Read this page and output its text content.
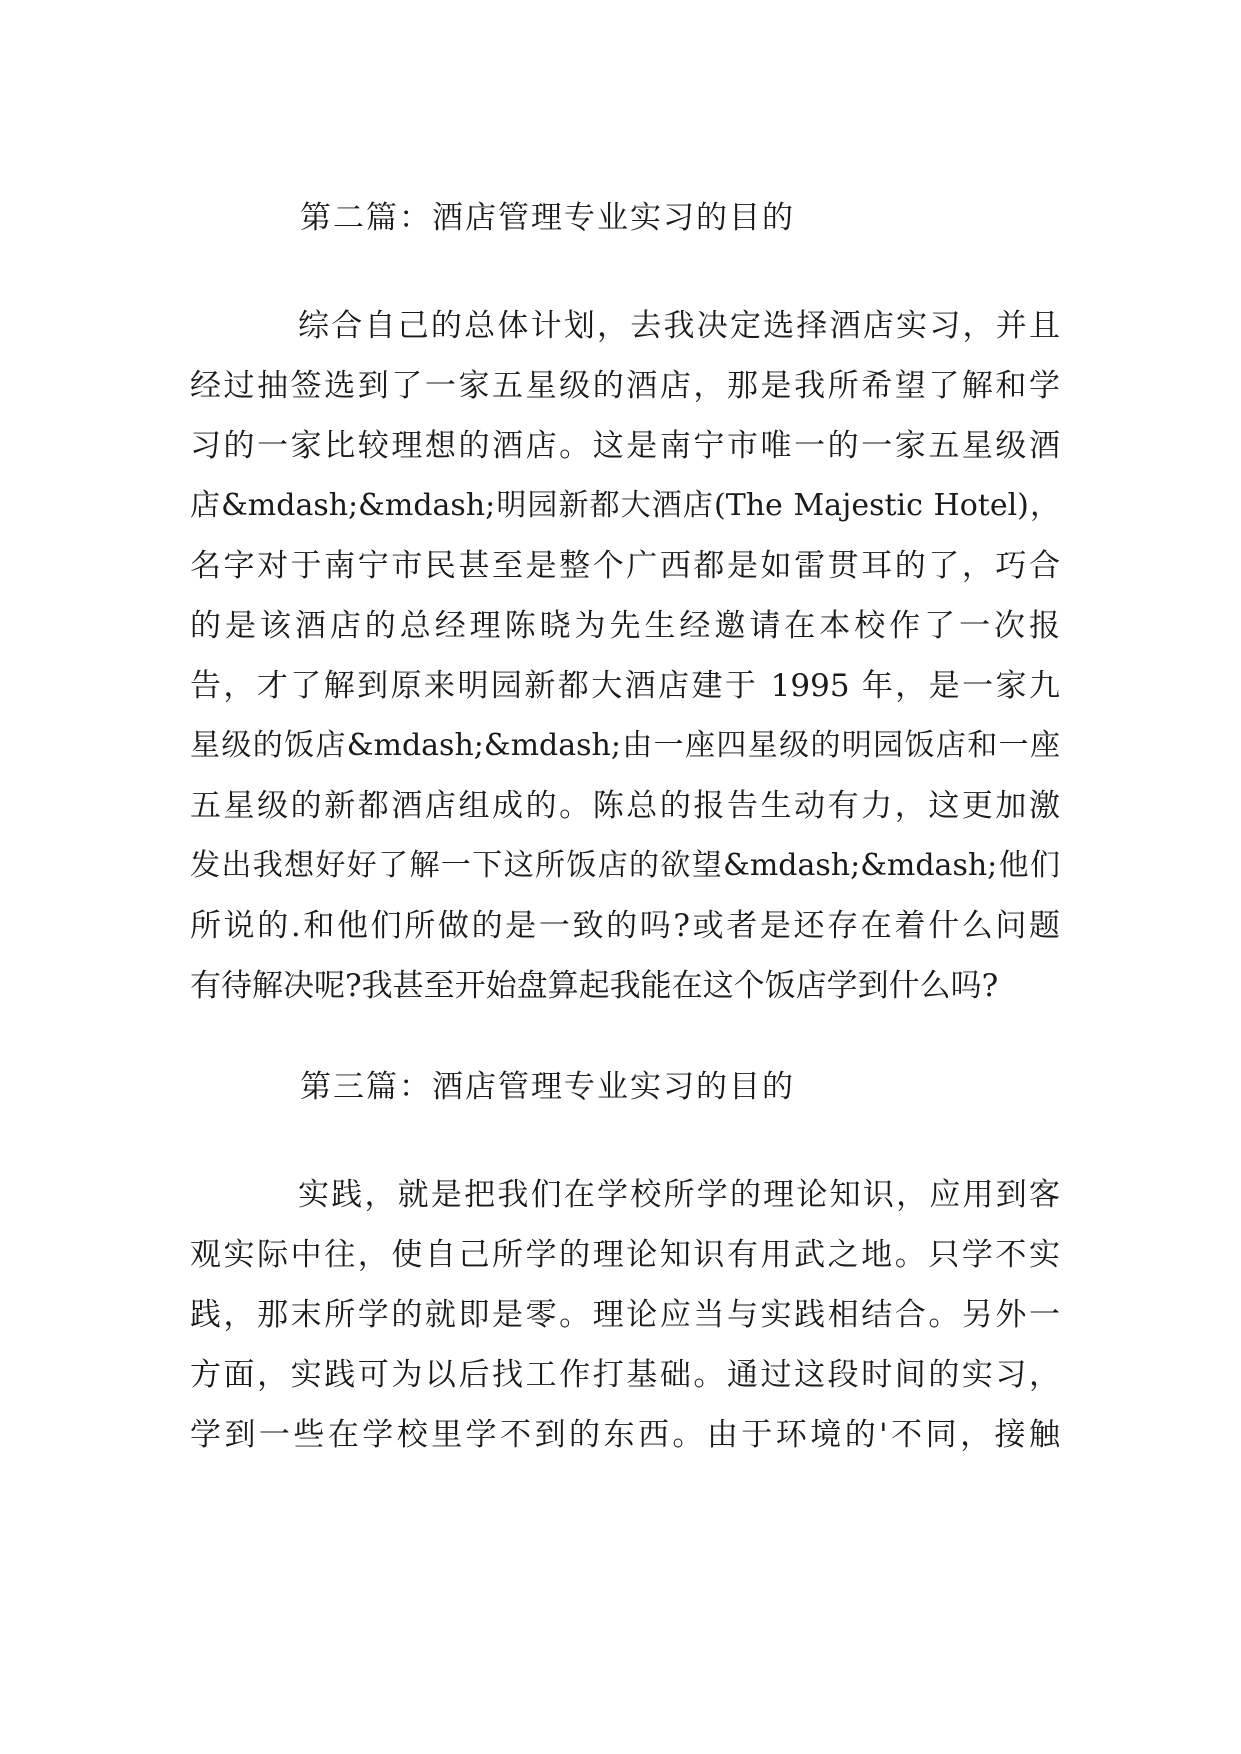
第二篇：酒店管理专业实习的目的
综合自己的总体计划，去我决定选择酒店实习，并且
经过抽签选到了一家五星级的酒店，那是我所希望了解和学
习的一家比较理想的酒店。这是南宁市唯一的一家五星级酒
店&mdash;&mdash;明园新都大酒店(The Majestic Hotel)，
名字对于南宁市民甚至是整个广西都是如雷贯耳的了，巧合
的是该酒店的总经理陈晓为先生经邀请在本校作了一次报
告，才了解到原来明园新都大酒店建于 1995 年，是一家九
星级的饭店&mdash;&mdash;由一座四星级的明园饭店和一座
五星级的新都酒店组成的。陈总的报告生动有力，这更加激
发出我想好好了解一下这所饭店的欲望&mdash;&mdash;他们
所说的.和他们所做的是一致的吗?或者是还存在着什么问题
有待解决呢?我甚至开始盘算起我能在这个饭店学到什么吗?
第三篇：酒店管理专业实习的目的
实践，就是把我们在学校所学的理论知识，应用到客
观实际中往，使自己所学的理论知识有用武之地。只学不实
践，那末所学的就即是零。理论应当与实践相结合。另外一
方面，实践可为以后找工作打基础。通过这段时间的实习，
学到一些在学校里学不到的东西。由于环境的'不同，接触
